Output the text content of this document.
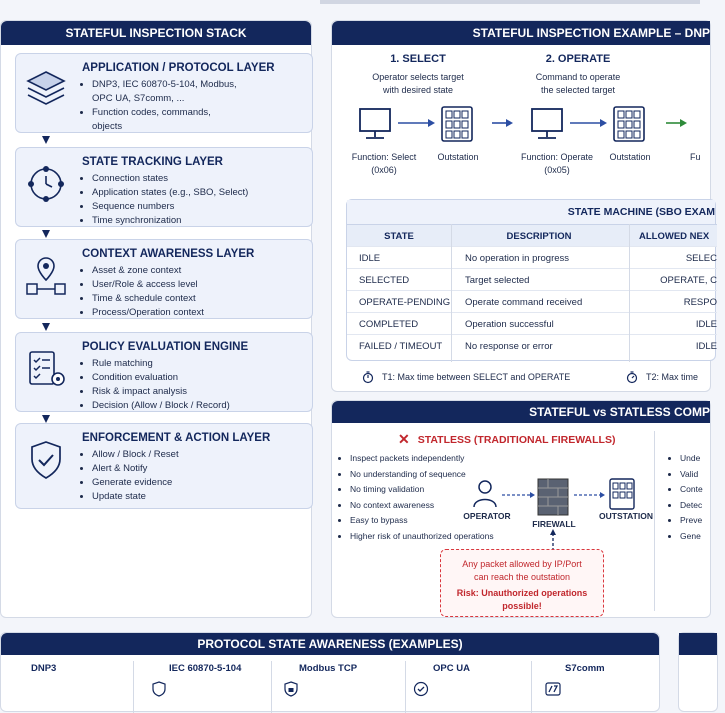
STATEFUL INSPECTION STACK
APPLICATION / PROTOCOL LAYER
• DNP3, IEC 60870-5-104, Modbus,
OPC UA, S7comm, ...
• Function codes, commands,
objects
STATE TRACKING LAYER
• Connection states
• Application states (e.g., SBO, Select)
• Sequence numbers
• Time synchronization
CONTEXT AWARENESS LAYER
• Asset & zone context
• User/Role & access level
• Time & schedule context
• Process/Operation context
POLICY EVALUATION ENGINE
• Rule matching
• Condition evaluation
• Risk & impact analysis
• Decision (Allow / Block / Record)
ENFORCEMENT & ACTION LAYER
• Allow / Block / Reset
• Alert & Notify
• Generate evidence
• Update state
STATEFUL INSPECTION EXAMPLE – DNP
1. SELECT
Operator selects target
with desired state
2. OPERATE
Command to operate
the selected target
Function: Select
(0x06)
Outstation	Function: Operate
(0x05)
Outstation	Fu
STATE MACHINE (SBO EXAM
STATE	DESCRIPTION	ALLOWED NEX
IDLE	No operation in progress	SELEC
SELECTED	Target selected	OPERATE, C
OPERATE-PENDING Operate command received	RESPO
COMPLETED	Operation successful	IDLE
FAILED / TIMEOUT	No response or error	IDLE
T1: Max time between SELECT and OPERATE	T2: Max time
STATEFUL vs STATLESS COMP
✕ STATLESS (TRADITIONAL FIREWALLS)
• Inspect packets independently
• No understanding of sequence
• No timing validation
• No context awareness
• Easy to bypass
• Higher risk of unauthorized operations
OPERATOR
FIREWALL
OUTSTATION
Any packet allowed by IP/Port
can reach the outstation
Risk: Unauthorized operations
possible!
• Unde
• Valid
• Conte
• Detec
• Preve
• Gene
PROTOCOL STATE AWARENESS (EXAMPLES)
DNP3	IEC 60870-5-104	Modbus TCP	OPC UA	S7comm
